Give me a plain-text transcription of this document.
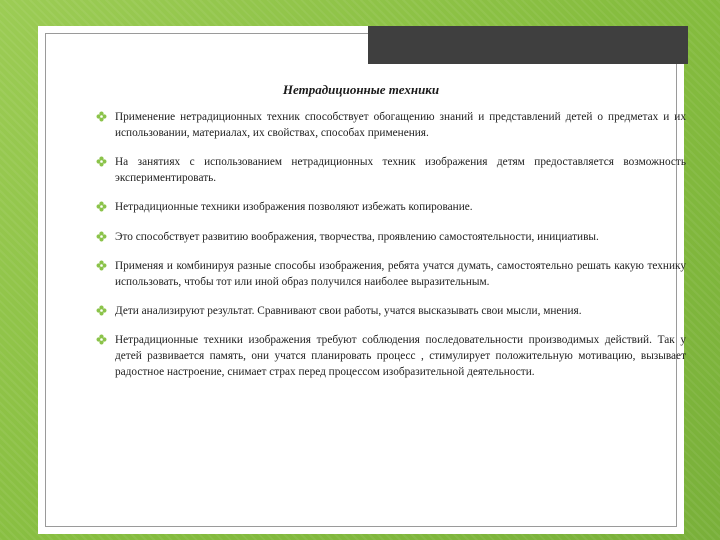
Нетрадиционные техники
Применение нетрадиционных техник способствует обогащению знаний и представлений детей о предметах и их использовании, материалах, их свойствах, способах применения.
На занятиях с использованием нетрадиционных техник изображения детям предоставляется возможность экспериментировать.
Нетрадиционные техники изображения позволяют избежать копирование.
Это способствует развитию воображения, творчества, проявлению самостоятельности, инициативы.
Применяя и комбинируя разные способы изображения, ребята учатся думать, самостоятельно решать какую технику использовать, чтобы тот или иной образ получился наиболее выразительным.
Дети анализируют результат. Сравнивают свои работы, учатся высказывать свои мысли, мнения.
Нетрадиционные техники изображения требуют соблюдения последовательности производимых действий. Так у детей развивается память, они учатся планировать процесс , стимулирует положительную мотивацию, вызывает радостное настроение, снимает страх перед процессом изобразительной деятельности.
